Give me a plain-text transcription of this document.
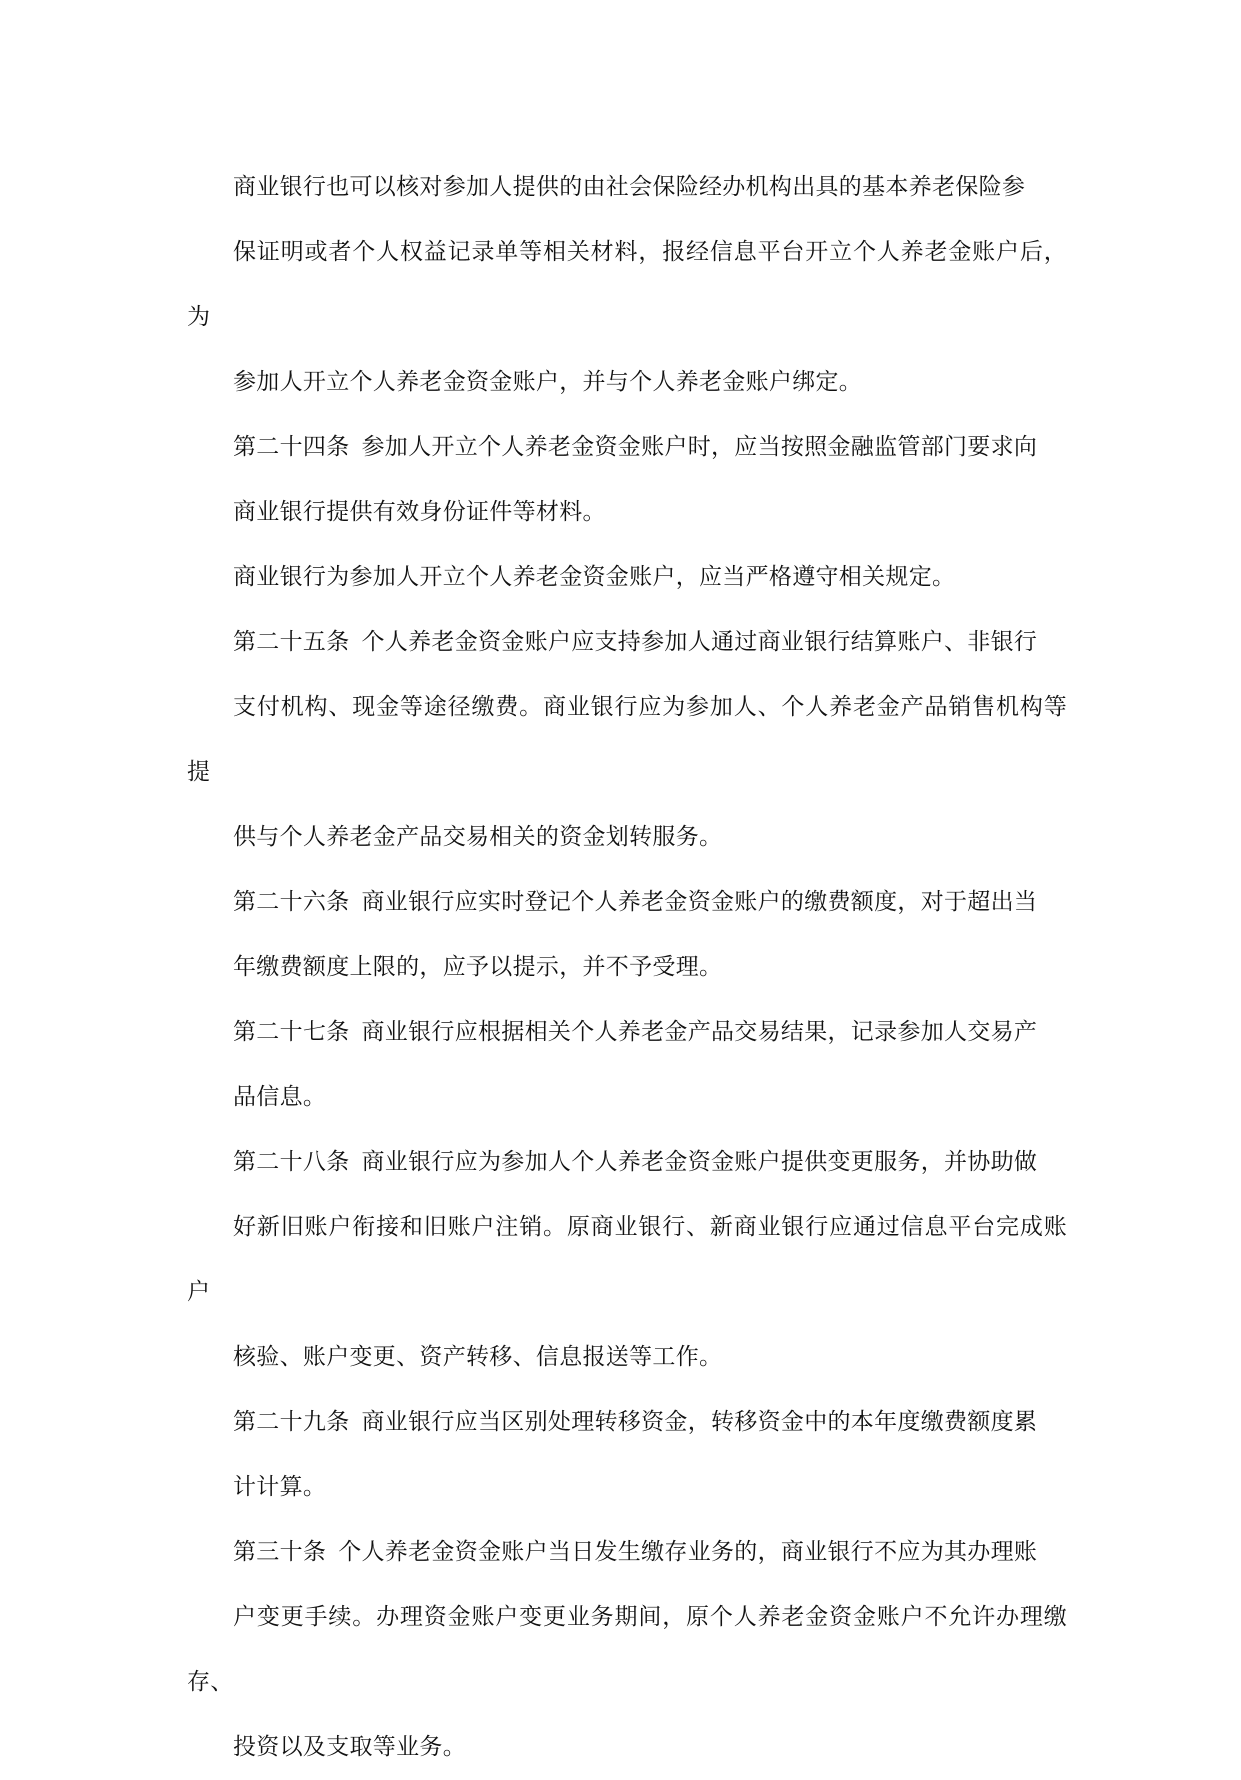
商业银行也可以核对参加人提供的由社会保险经办机构出具的基本养老保险参
保证明或者个人权益记录单等相关材料，报经信息平台开立个人养老金账户后，为
参加人开立个人养老金资金账户，并与个人养老金账户绑定。

第二十四条 参加人开立个人养老金资金账户时，应当按照金融监管部门要求向
商业银行提供有效身份证件等材料。

商业银行为参加人开立个人养老金资金账户，应当严格遵守相关规定。

第二十五条 个人养老金资金账户应支持参加人通过商业银行结算账户、非银行
支付机构、现金等途径缴费。商业银行应为参加人、个人养老金产品销售机构等提
供与个人养老金产品交易相关的资金划转服务。

第二十六条 商业银行应实时登记个人养老金资金账户的缴费额度，对于超出当
年缴费额度上限的，应予以提示，并不予受理。

第二十七条 商业银行应根据相关个人养老金产品交易结果，记录参加人交易产
品信息。

第二十八条 商业银行应为参加人个人养老金资金账户提供变更服务，并协助做
好新旧账户衔接和旧账户注销。原商业银行、新商业银行应通过信息平台完成账户
核验、账户变更、资产转移、信息报送等工作。

第二十九条 商业银行应当区别处理转移资金，转移资金中的本年度缴费额度累
计计算。

第三十条 个人养老金资金账户当日发生缴存业务的，商业银行不应为其办理账
户变更手续。办理资金账户变更业务期间，原个人养老金资金账户不允许办理缴存、
投资以及支取等业务。
